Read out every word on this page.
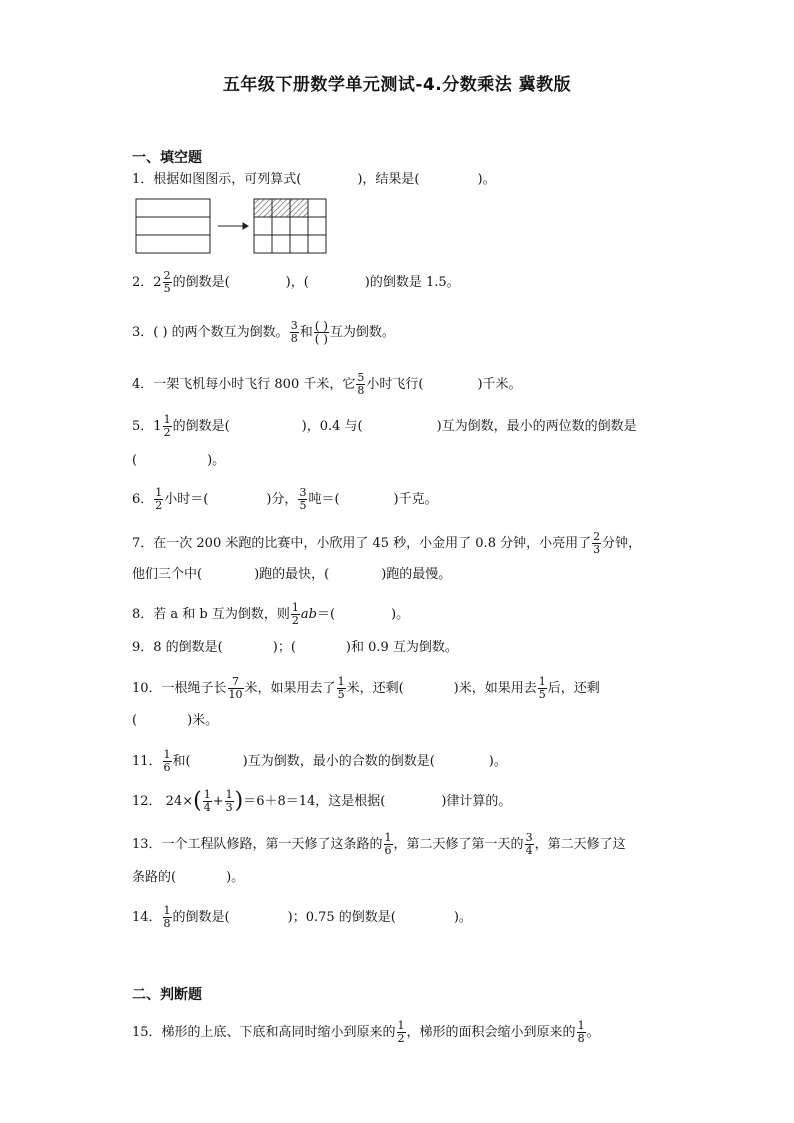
五年级下册数学单元测试-4.分数乘法 冀教版
一、填空题
1．根据如图图示，可列算式(	)，结果是(	)。
2．$2 \frac{2}{5}$ 的倒数是(	)，(	)的倒数是 1.5。
3．( ) 的两个数互为倒数。 $\frac{3}{8}$ 和 $\frac{( )}{( )}$ 互为倒数。
4．一架飞机每小时飞行 800 千米，它 $\frac{5}{8}$ 小时飞行(	)千米。
5．$1 \frac{1}{2}$ 的倒数是(	)，0.4 与(	)互为倒数，最小的两位数的倒数是
(	)。
6． $\frac{1}{2}$ 小时＝(	)分， $\frac{3}{5}$ 吨＝(	)千克。
7．在一次 200 米跑的比赛中，小欣用了 45 秒，小金用了 0.8 分钟，小亮用了 $\frac{2}{3}$ 分钟，
他们三个中(	)跑的最快，(	)跑的最慢。
8．若 a 和 b 互为倒数，则 $\frac{1}{2} ab=$(	)。
9．8 的倒数是(	)；(	)和 0.9 互为倒数。
10．一根绳子长 $\frac{7}{10}$ 米，如果用去了 $\frac{1}{5}$ 米，还剩(	)米，如果用去 $\frac{1}{5}$ 后，还剩
(	)米。
11． $\frac{1}{6}$ 和(	)互为倒数，最小的合数的倒数是(	)。
12． $24\times( \frac{1}{4} + \frac{1}{3} )=6+8=14$，这是根据(	)律计算的。
13．一个工程队修路，第一天修了这条路的 $\frac{1}{6}$ ，第二天修了第一天的 $\frac{3}{4}$ ，第二天修了这
条路的(	)。
14． $\frac{1}{8}$ 的倒数是(	)；0.75 的倒数是(	)。
二、判断题
15．梯形的上底、下底和高同时缩小到原来的 $\frac{1}{2}$ ，梯形的面积会缩小到原来的 $\frac{1}{8}$ 。
